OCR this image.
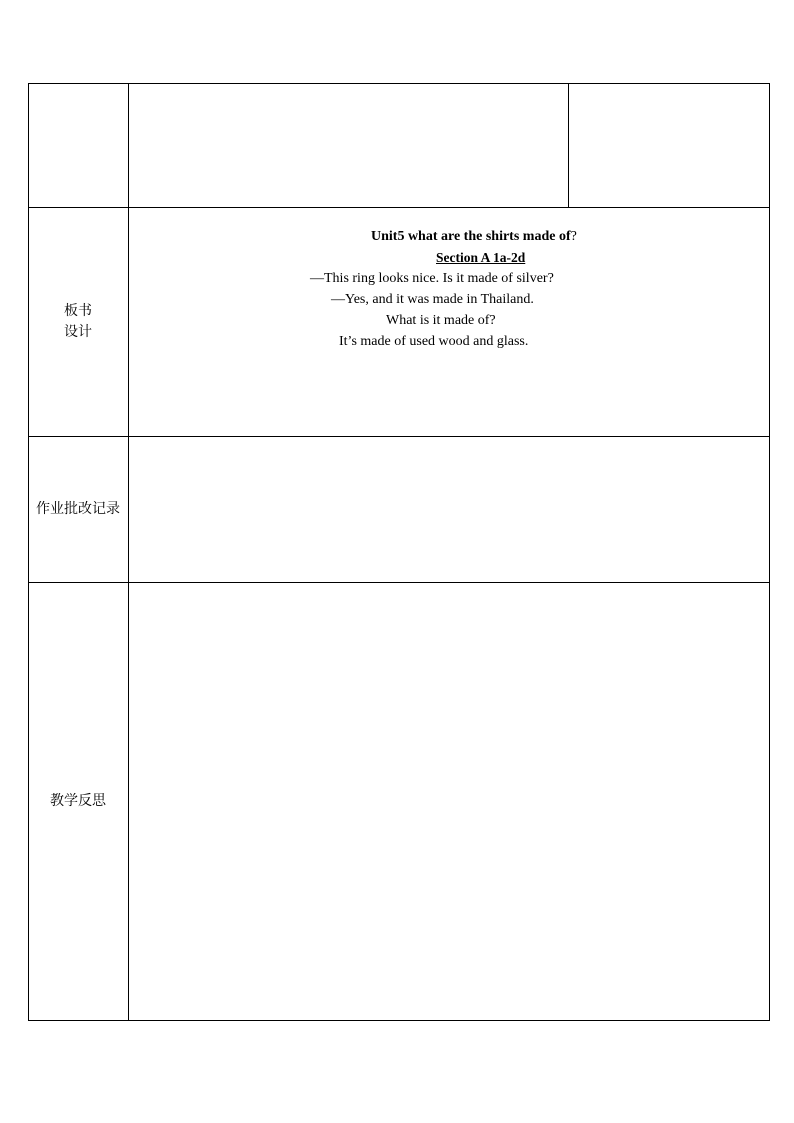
板书
设计
作业批改记录
教学反思
Unit5 what are the shirts made of?
Section A 1a-2d
—This ring looks nice. Is it made of silver?
—Yes, and it was made in Thailand.
What is it made of?
It’s made of used wood and glass.
